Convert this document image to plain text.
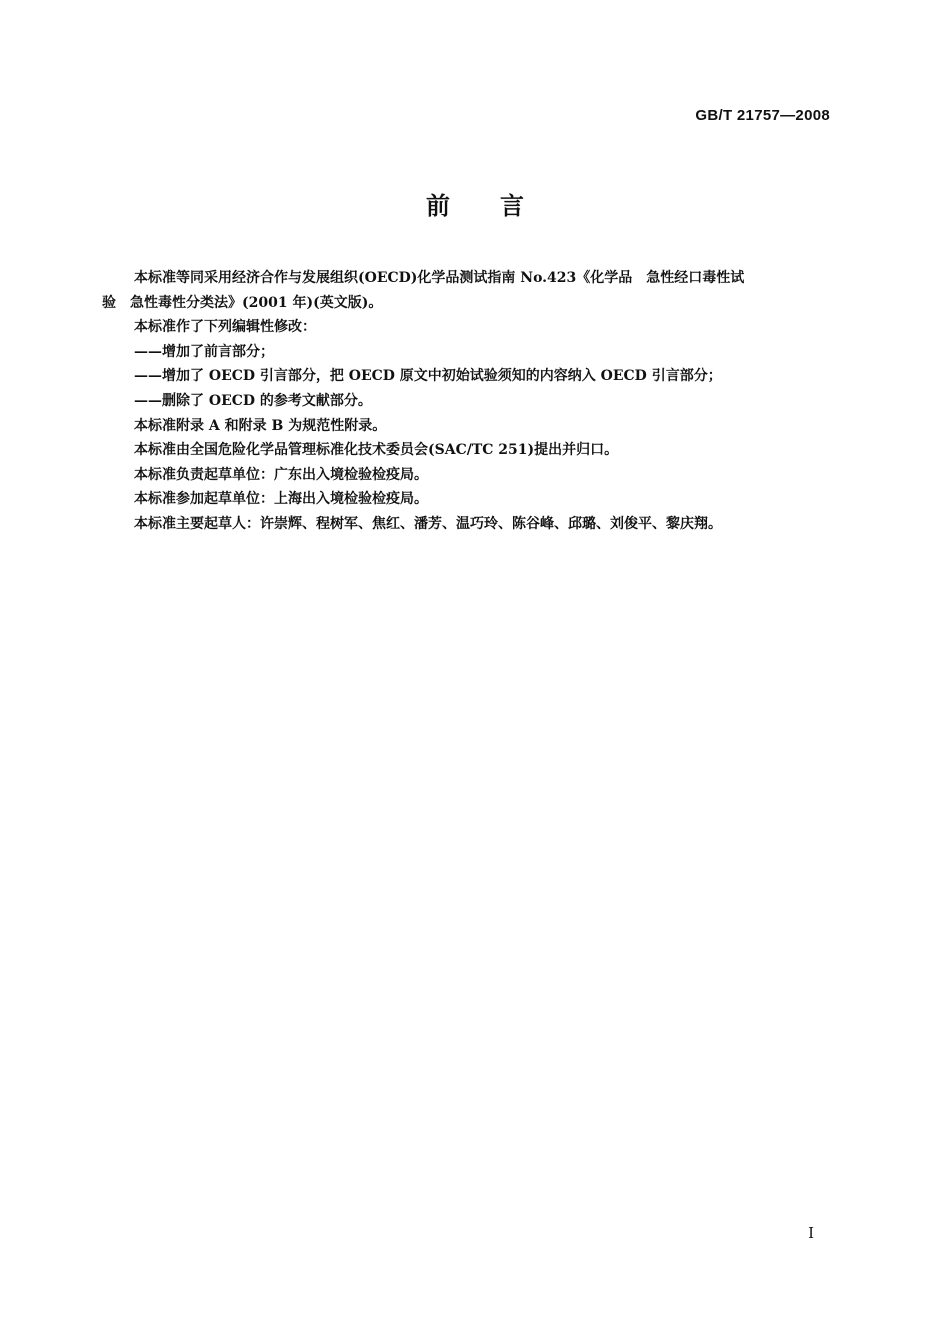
GB/T 21757—2008
前言

本标准等同采用经济合作与发展组织(OECD)化学品测试指南 No.423《化学品　急性经口毒性试
验　急性毒性分类法》(2001 年)(英文版)。

本标准作了下列编辑性修改：

——增加了前言部分；

——增加了 OECD 引言部分，把 OECD 原文中初始试验须知的内容纳入 OECD 引言部分；

——删除了 OECD 的参考文献部分。

本标准附录 A 和附录 B 为规范性附录。

本标准由全国危险化学品管理标准化技术委员会(SAC/TC 251)提出并归口。

本标准负责起草单位：广东出入境检验检疫局。

本标准参加起草单位：上海出入境检验检疫局。

本标准主要起草人：许崇辉、程树军、焦红、潘芳、温巧玲、陈谷峰、邱璐、刘俊平、黎庆翔。

I
